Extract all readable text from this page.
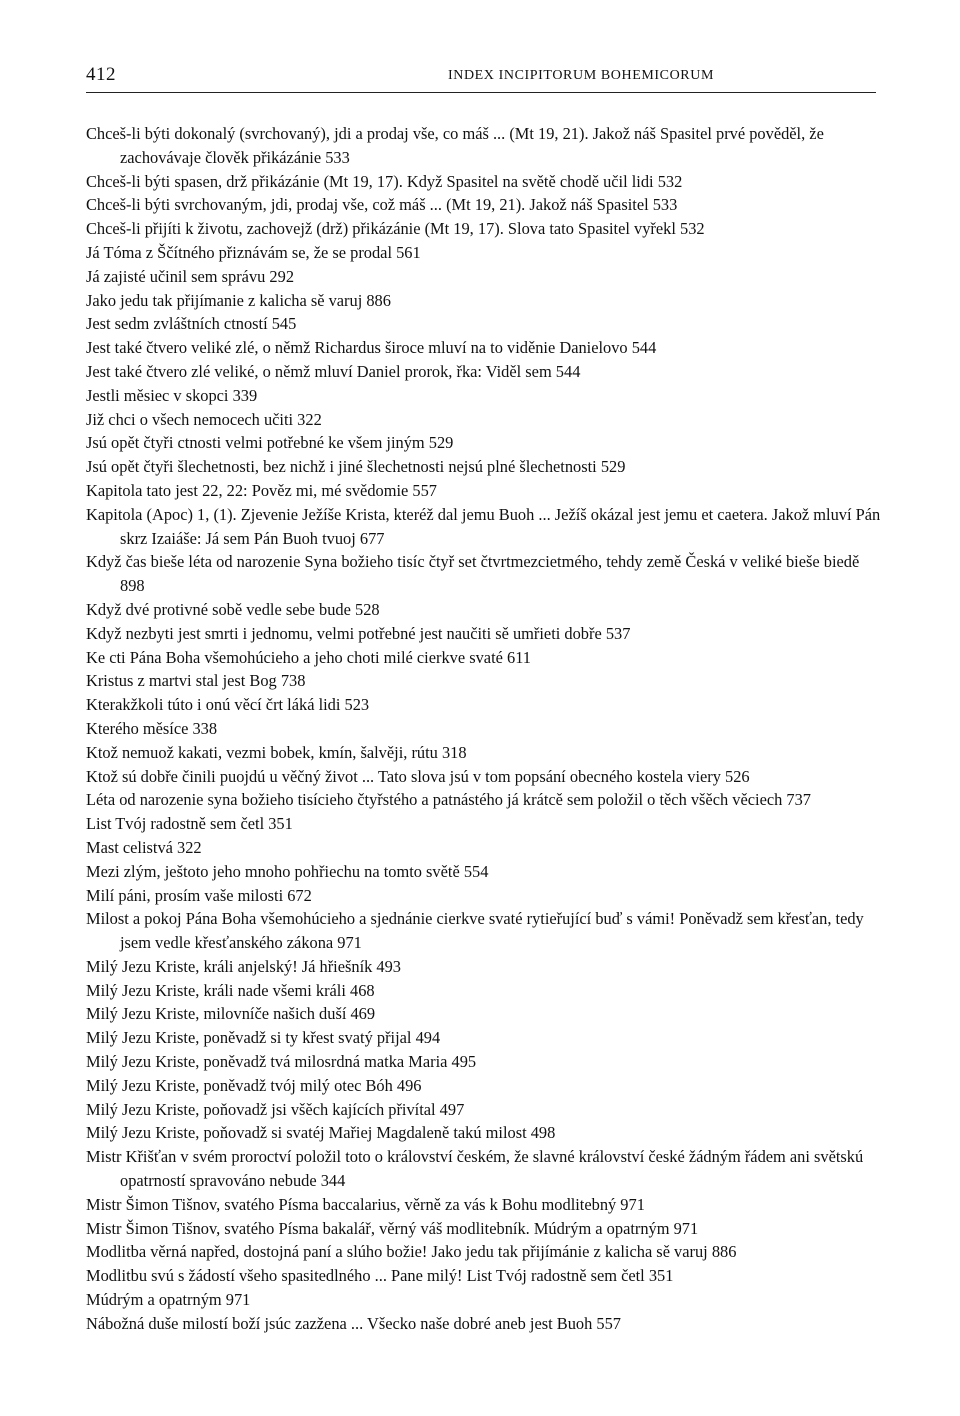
412	INDEX INCIPITORUM BOHEMICORUM

Chceš-li býti dokonalý (svrchovaný), jdi a prodaj vše, co máš ... (Mt 19, 21). Jakož náš Spasitel prvé pověděl, že zachovávaje člověk přikázánie 533

Chceš-li býti spasen, drž přikázánie (Mt 19, 17). Když Spasitel na světě chodě učil lidi 532

Chceš-li býti svrchovaným, jdi, prodaj vše, což máš ... (Mt 19, 21). Jakož náš Spasitel 533

Chceš-li přijíti k životu, zachovejž (drž) přikázánie (Mt 19, 17). Slova tato Spasitel vyřekl 532

Já Tóma z Ščítného přiznávám se, že se prodal 561

Já zajisté učinil sem správu 292

Jako jedu tak přijímanie z kalicha sě varuj 886

Jest sedm zvláštních ctností 545

Jest také čtvero veliké zlé, o němž Richardus široce mluví na to viděnie Danielovo 544

Jest také čtvero zlé veliké, o němž mluví Daniel prorok, řka: Viděl sem 544

Jestli měsiec v skopci 339

Již chci o všech nemocech učiti 322

Jsú opět čtyři ctnosti velmi potřebné ke všem jiným 529

Jsú opět čtyři šlechetnosti, bez nichž i jiné šlechetnosti nejsú plné šlechetnosti 529

Kapitola tato jest 22, 22: Pověz mi, mé svědomie 557

Kapitola (Apoc) 1, (1). Zjevenie Ježíše Krista, kteréž dal jemu Buoh ... Ježíš okázal jest jemu et caetera. Jakož mluví Pán skrz Izaiáše: Já sem Pán Buoh tvuoj 677

Když čas bieše léta od narozenie Syna božieho tisíc čtyř set čtvrtmezcietmého, tehdy země Česká v veliké bieše biedě 898

Když dvé protivné sobě vedle sebe bude 528

Když nezbyti jest smrti i jednomu, velmi potřebné jest naučiti sě umřieti dobře 537

Ke cti Pána Boha všemohúcieho a jeho choti milé cierkve svaté 611

Kristus z martvi stal jest Bog 738

Kterakžkoli túto i onú věcí črt láká lidi 523

Kterého měsíce 338

Ktož nemuož kakati, vezmi bobek, kmín, šalvěji, rútu 318

Ktož sú dobře činili puojdú u věčný život ... Tato slova jsú v tom popsání obecného kostela viery 526

Léta od narozenie syna božieho tisícieho čtyřstého a patnástého já krátcě sem položil o těch všěch věciech 737

List Tvój radostně sem četl 351

Mast celistvá 322

Mezi zlým, ještoto jeho mnoho pohřiechu na tomto světě 554

Milí páni, prosím vaše milosti 672

Milost a pokoj Pána Boha všemohúcieho a sjednánie cierkve svaté rytieřující buď s vámi! Poněvadž sem křesťan, tedy jsem vedle křesťanského zákona 971

Milý Jezu Kriste, králi anjelský! Já hřiešník 493

Milý Jezu Kriste, králi nade všemi králi 468

Milý Jezu Kriste, milovníče našich duší 469

Milý Jezu Kriste, poněvadž si ty křest svatý přijal 494

Milý Jezu Kriste, poněvadž tvá milosrdná matka Maria 495

Milý Jezu Kriste, poněvadž tvój milý otec Bóh 496

Milý Jezu Kriste, poňovadž jsi všěch kajících přivítal 497

Milý Jezu Kriste, poňovadž si svatéj Mařiej Magdaleně takú milost 498

Mistr Křišťan v svém proroctví položil toto o království českém, že slavné království české žádným řádem ani světskú opatrností spravováno nebude 344

Mistr Šimon Tišnov, svatého Písma baccalarius, věrně za vás k Bohu modlitebný 971

Mistr Šimon Tišnov, svatého Písma bakalář, věrný váš modlitebník. Múdrým a opatrným 971

Modlitba věrná napřed, dostojná paní a slúho božie! Jako jedu tak přijímánie z kalicha sě varuj 886

Modlitbu svú s žádostí všeho spasitedlného ... Pane milý! List Tvój radostně sem četl 351

Múdrým a opatrným 971

Nábožná duše milostí boží jsúc zazžena ... Všecko naše dobré aneb jest Buoh 557
